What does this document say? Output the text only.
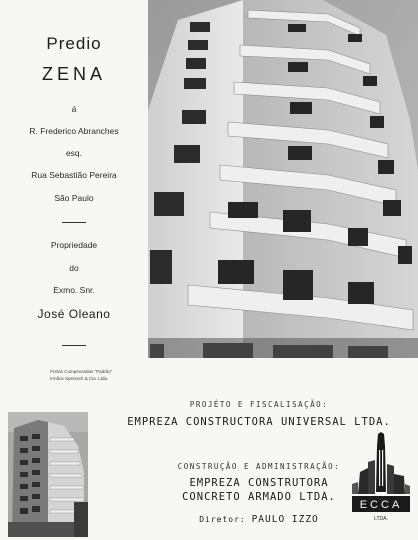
Predio
ZENA
á
R. Frederico Abranches
esq.
Rua Sebastião Pereira
São Paulo
Propriedade
do
Exmo. Snr.
José Oleano
Portas Compensadas "Padrão"
Irmãos Spenisch & Cia. Ltda.
PROJÉTO E FISCALISAÇÃO:
EMPREZA CONSTRUCTORA UNIVERSAL LTDA.
CONSTRUÇÃO E ADMINISTRAÇÃO:
EMPREZA CONSTRUTORA
CONCRETO ARMADO LTDA.
Diretor: PAULO IZZO
ECCA
LTDA.
